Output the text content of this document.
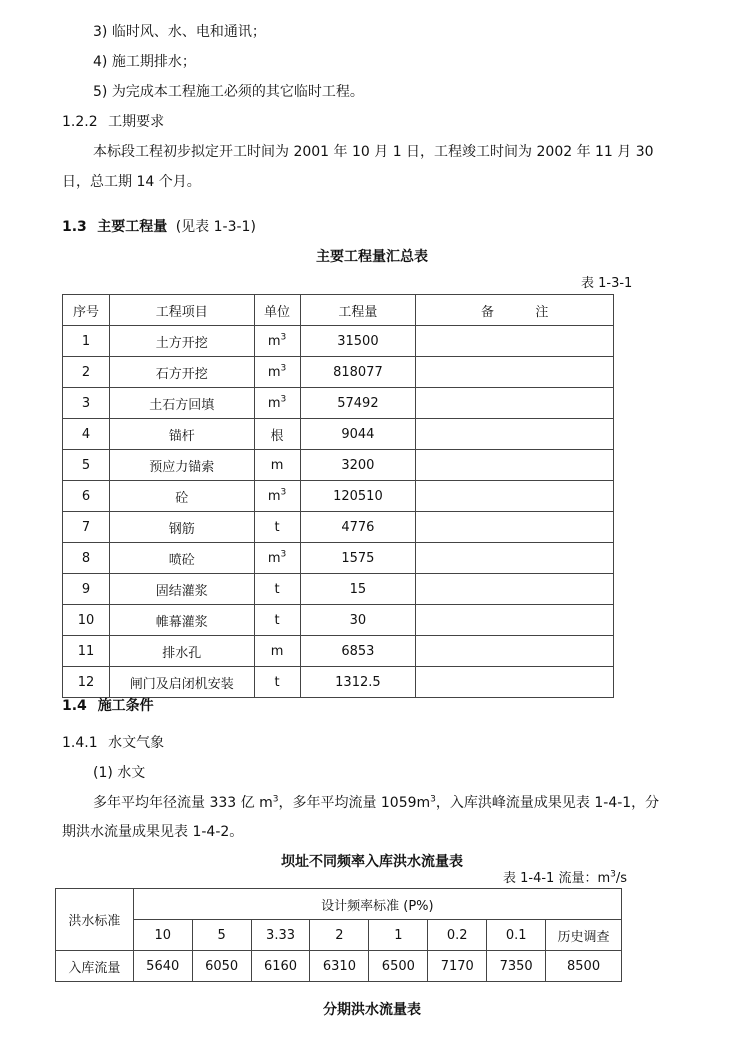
3) 临时风、水、电和通讯；
4) 施工期排水；
5) 为完成本工程施工必须的其它临时工程。
1.2.2 工期要求
本标段工程初步拟定开工时间为 2001 年 10 月 1 日，工程竣工时间为 2002 年 11 月 30
日，总工期 14 个月。
1.3 主要工程量 (见表 1-3-1)
主要工程量汇总表
表 1-3-1
序号	工程项目	单位	工程量	备          注
1	土方开挖	$m^3$	31500	
2	石方开挖	$m^3$	818077	
3	土石方回填	$m^3$	57492	
4	锚杆	根	9044	
5	预应力锚索	m	3200	
6	砼	$m^3$	120510	
7	钢筋	t	4776	
8	喷砼	$m^3$	1575	
9	固结灌浆	t	15	
10	帷幕灌浆	t	30	
11	排水孔	m	6853	
12	闸门及启闭机安装	t	1312.5	
1.4 施工条件
1.4.1 水文气象
(1) 水文
多年平均年径流量 333 亿 $m^3$，多年平均流量 $1059m^3$，入库洪峰流量成果见表 1-4-1，分
期洪水流量成果见表 1-4-2。
坝址不同频率入库洪水流量表
表 1-4-1 流量：$m^3/s$
洪水标准	设计频率标准 (P%)							
	10	5	3.33	2	1	0.2	0.1	历史调查
入库流量	5640	6050	6160	6310	6500	7170	7350	8500
分期洪水流量表
